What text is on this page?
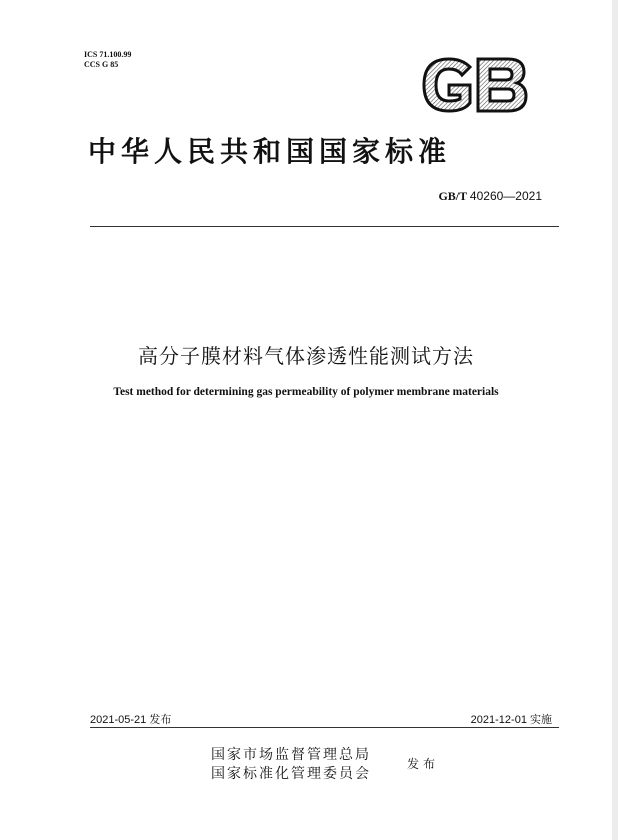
ICS 71.100.99
CCS G 85
中华人民共和国国家标准
GB/T 40260—2021
高分子膜材料气体渗透性能测试方法
Test method for determining gas permeability of polymer membrane materials
2021-05-21 发布	2021-12-01 实施
国家市场监督管理总局
国家标准化管理委员会
发布
